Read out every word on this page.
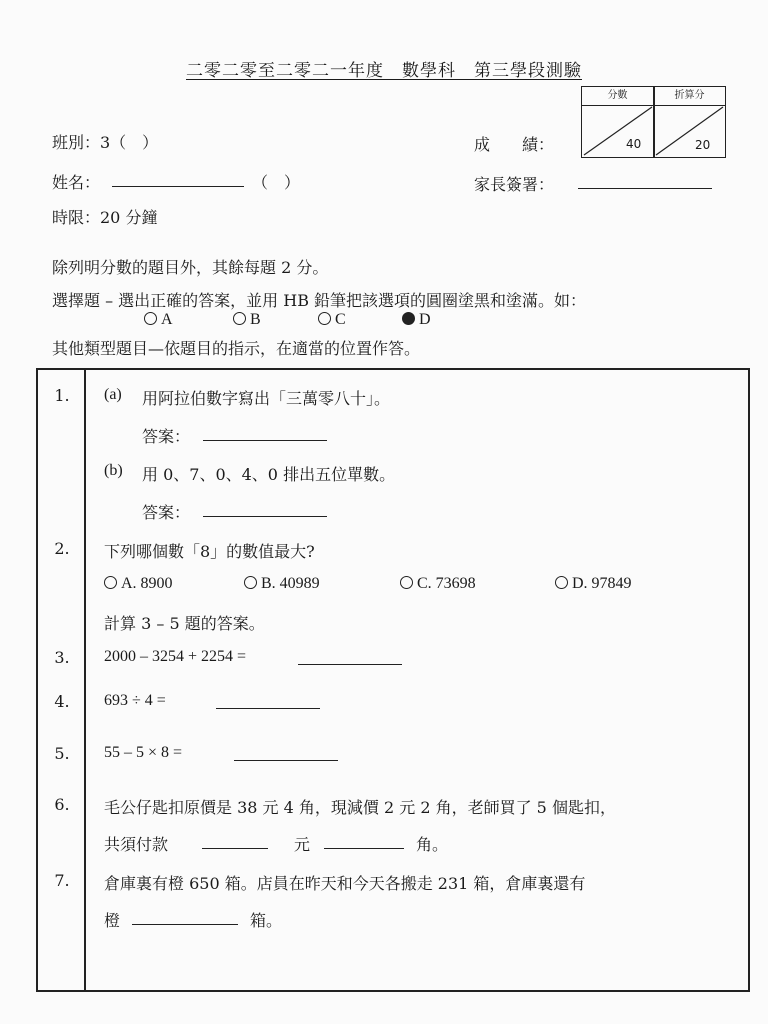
二零二零至二零二一年度　數學科　第三學段測驗
分數	折算分
40	20
班別：3（　）
姓名：	（　）
時限：20 分鐘
成　　績：
家長簽署：
除列明分數的題目外，其餘每題 2 分。
選擇題 – 選出正確的答案，並用 HB 鉛筆把該選項的圓圈塗黑和塗滿。如：
A	B	C	D
其他類型題目—依題目的指示，在適當的位置作答。
1.	(a) 用阿拉伯數字寫出「三萬零八十」。
答案：
(b) 用 0、7、0、4、0 排出五位單數。
答案：
2.	下列哪個數「8」的數值最大?
A. 8900	B. 40989	C. 73698	D. 97849
計算 3 – 5 題的答案。
3.	2000 – 3254 + 2254 =
4.	693 ÷ 4 =
5.	55 – 5 × 8 =
6.	毛公仔匙扣原價是 38 元 4 角，現減價 2 元 2 角，老師買了 5 個匙扣，
共須付款	元	角。
7.	倉庫裏有橙 650 箱。店員在昨天和今天各搬走 231 箱，倉庫裏還有
橙	箱。
